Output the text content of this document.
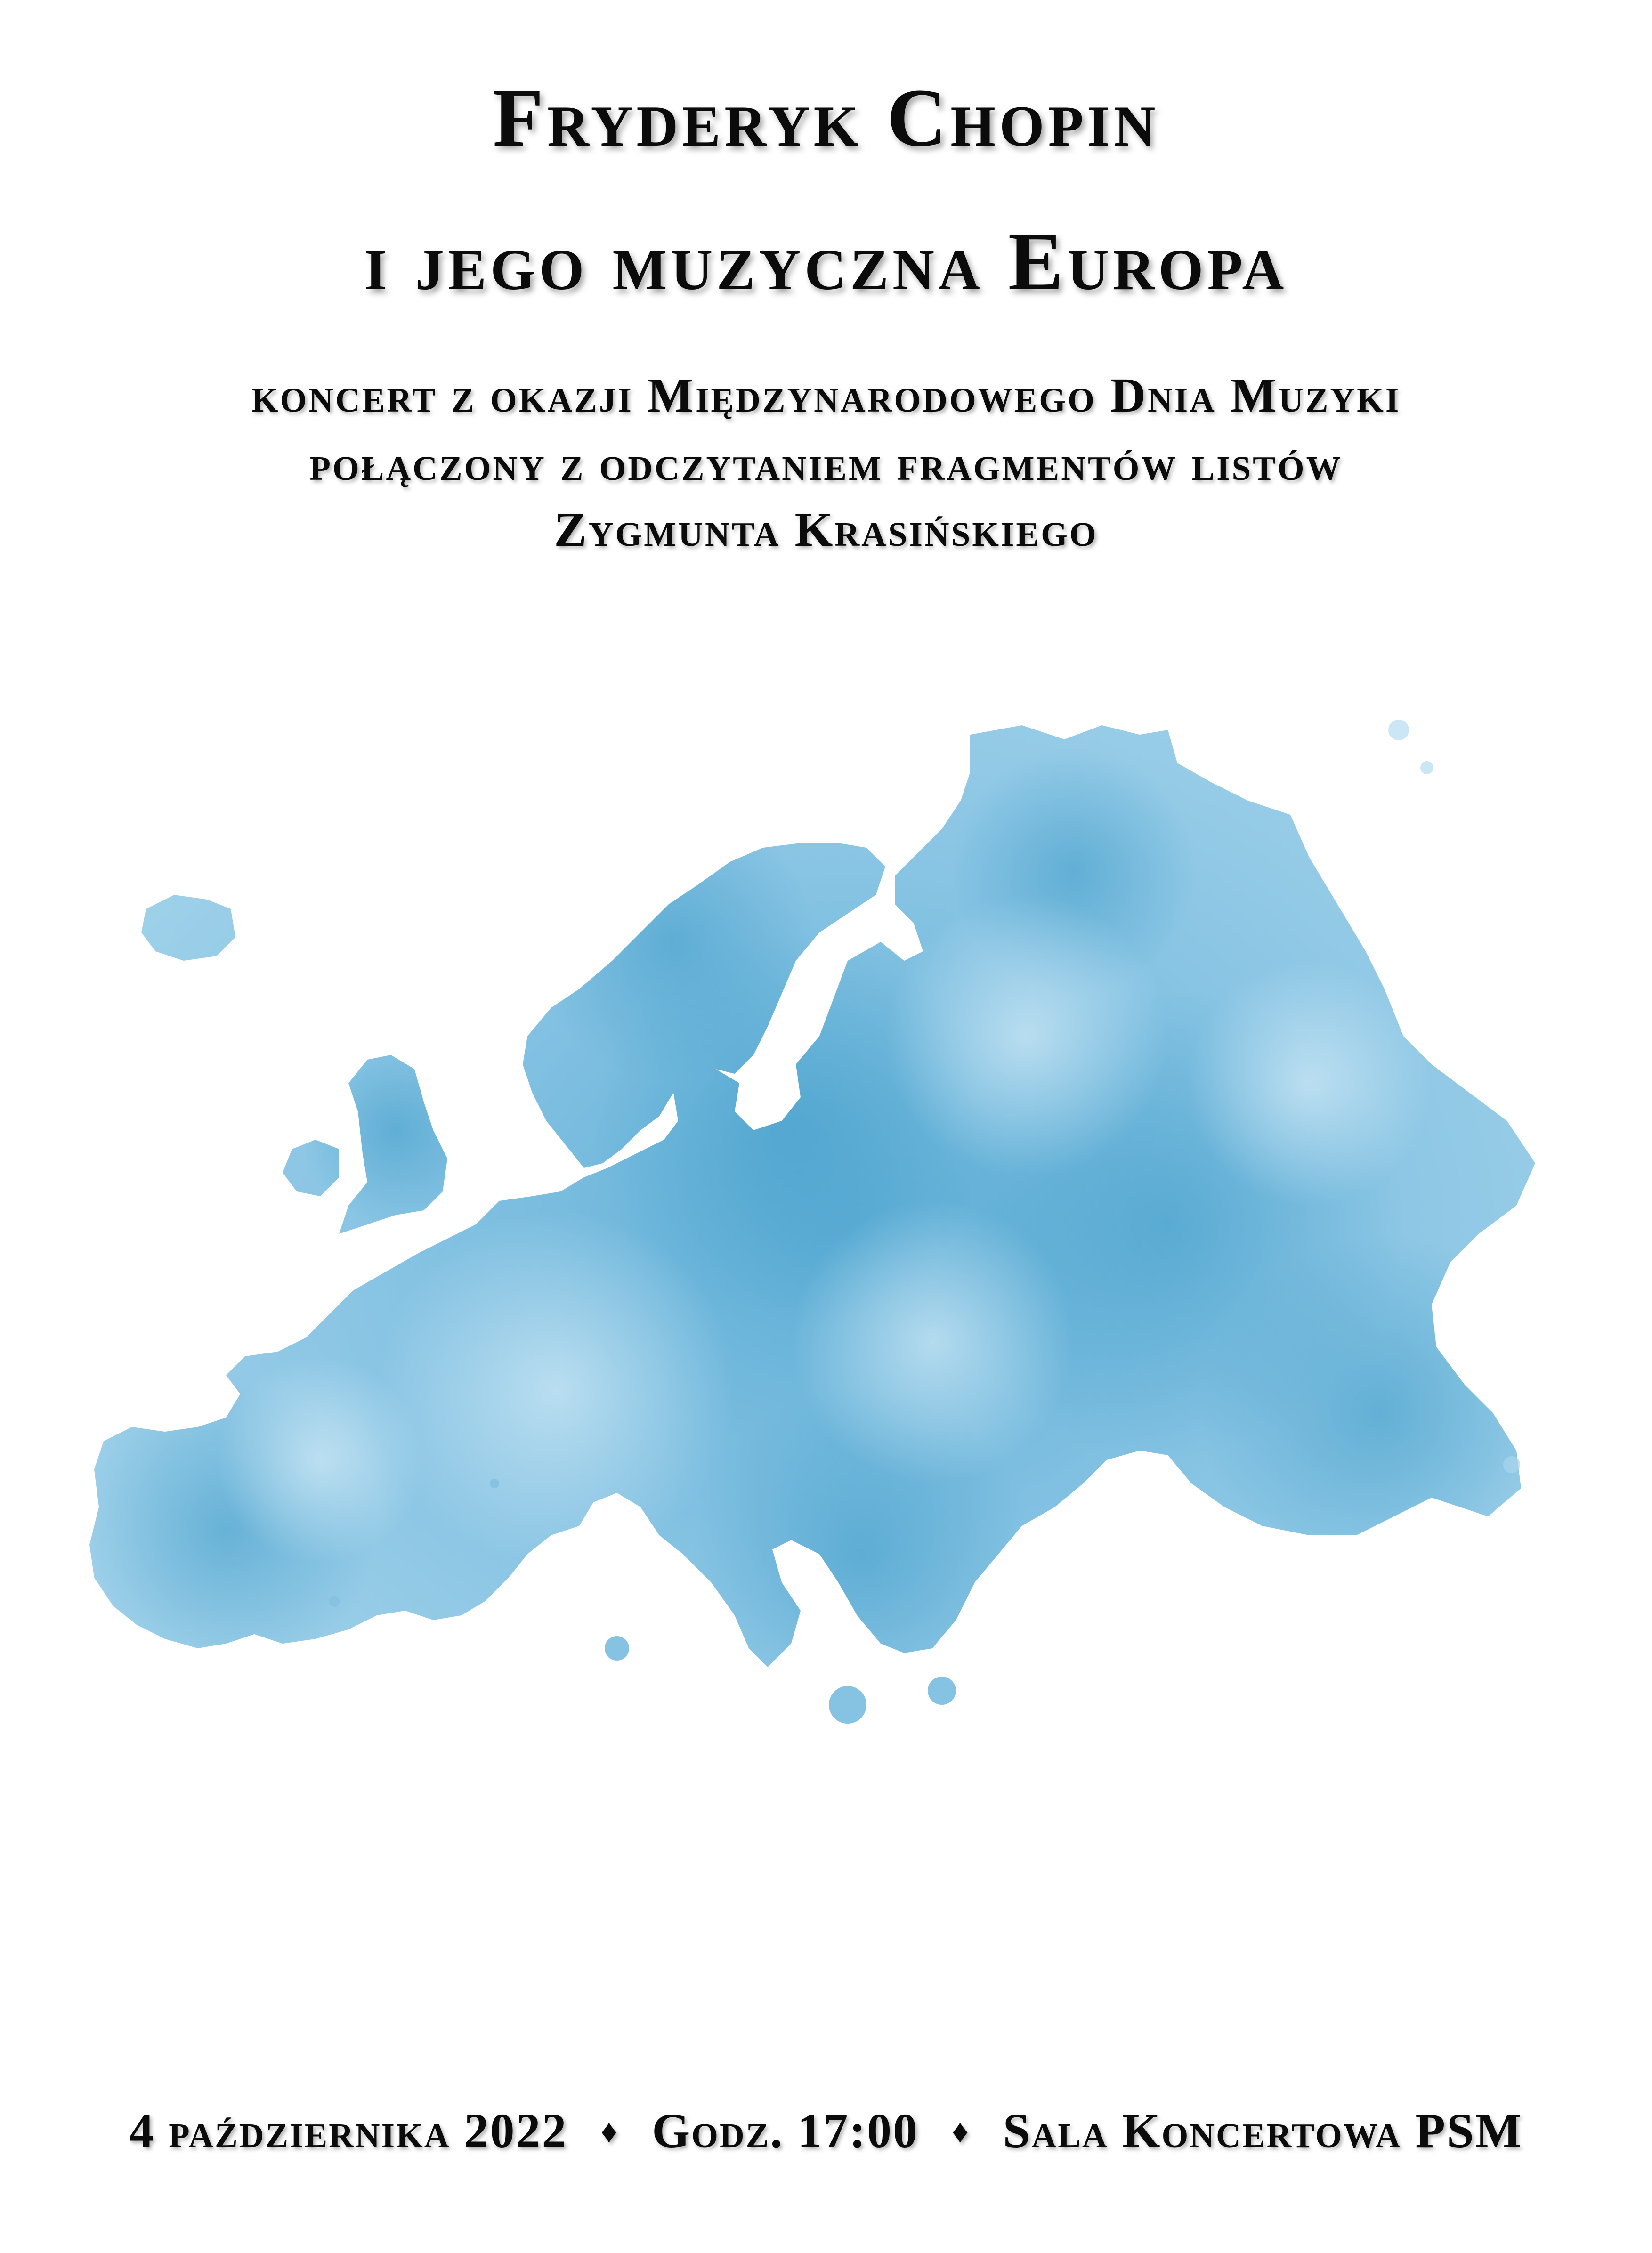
Fryderyk Chopin
i jego muzyczna Europa
koncert z okazji Międzynarodowego Dnia Muzyki
połączony z odczytaniem fragmentów listów
Zygmunta Krasińskiego
4 października 2022 ♦ Godz. 17:00 ♦ Sala Koncertowa PSM
